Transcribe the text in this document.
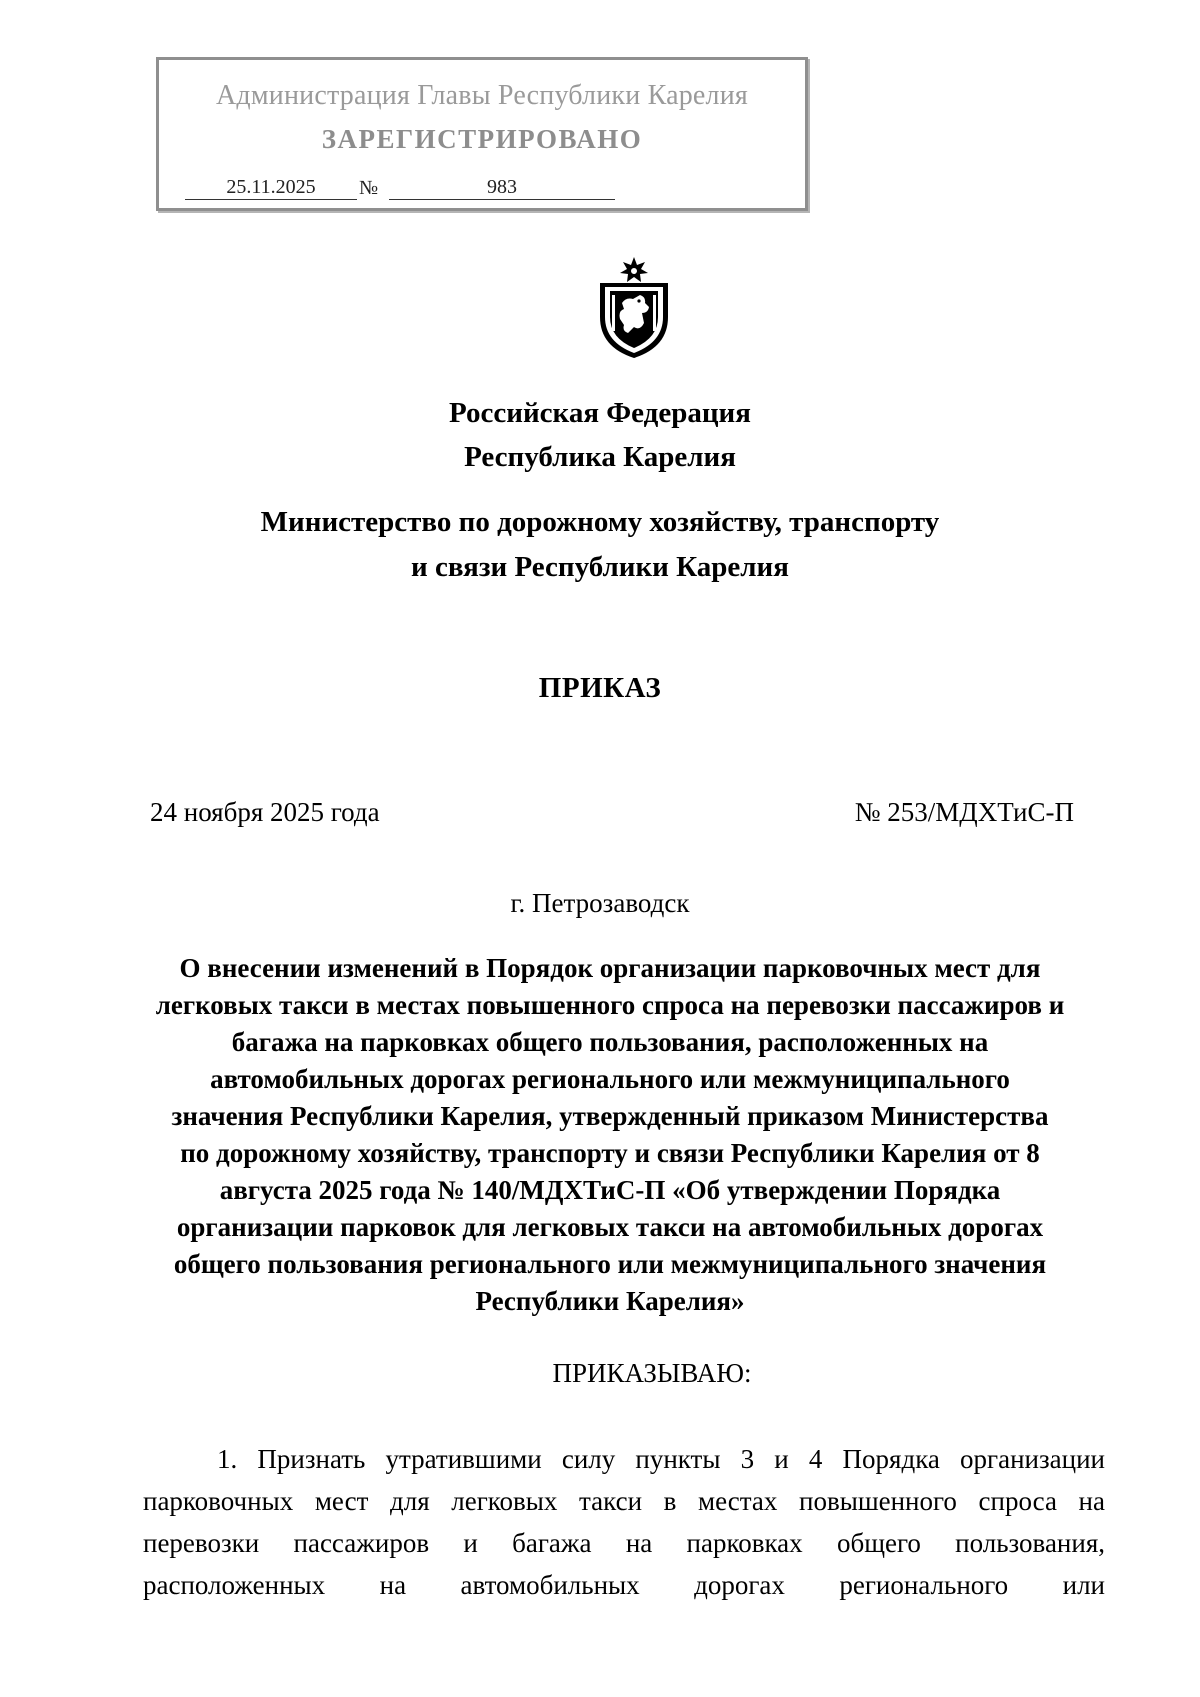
Администрация Главы Республики Карелия
ЗАРЕГИСТРИРОВАНО
25.11.2025	№	983
Российская Федерация
Республика Карелия
Министерство по дорожному хозяйству, транспорту
и связи Республики Карелия
ПРИКАЗ
24 ноября 2025 года	№ 253/МДХТиС-П
г. Петрозаводск
О внесении изменений в Порядок организации парковочных мест для
легковых такси в местах повышенного спроса на перевозки пассажиров и
багажа на парковках общего пользования, расположенных на
автомобильных дорогах регионального или межмуниципального
значения Республики Карелия, утвержденный приказом Министерства
по дорожному хозяйству, транспорту и связи Республики Карелия от 8
августа 2025 года № 140/МДХТиС-П «Об утверждении Порядка
организации парковок для легковых такси на автомобильных дорогах
общего пользования регионального или межмуниципального значения
Республики Карелия»
ПРИКАЗЫВАЮ:
1. Признать утратившими силу пункты 3 и 4 Порядка организации
парковочных мест для легковых такси в местах повышенного спроса на
перевозки пассажиров и багажа на парковках общего пользования,
расположенных на автомобильных дорогах регионального или
